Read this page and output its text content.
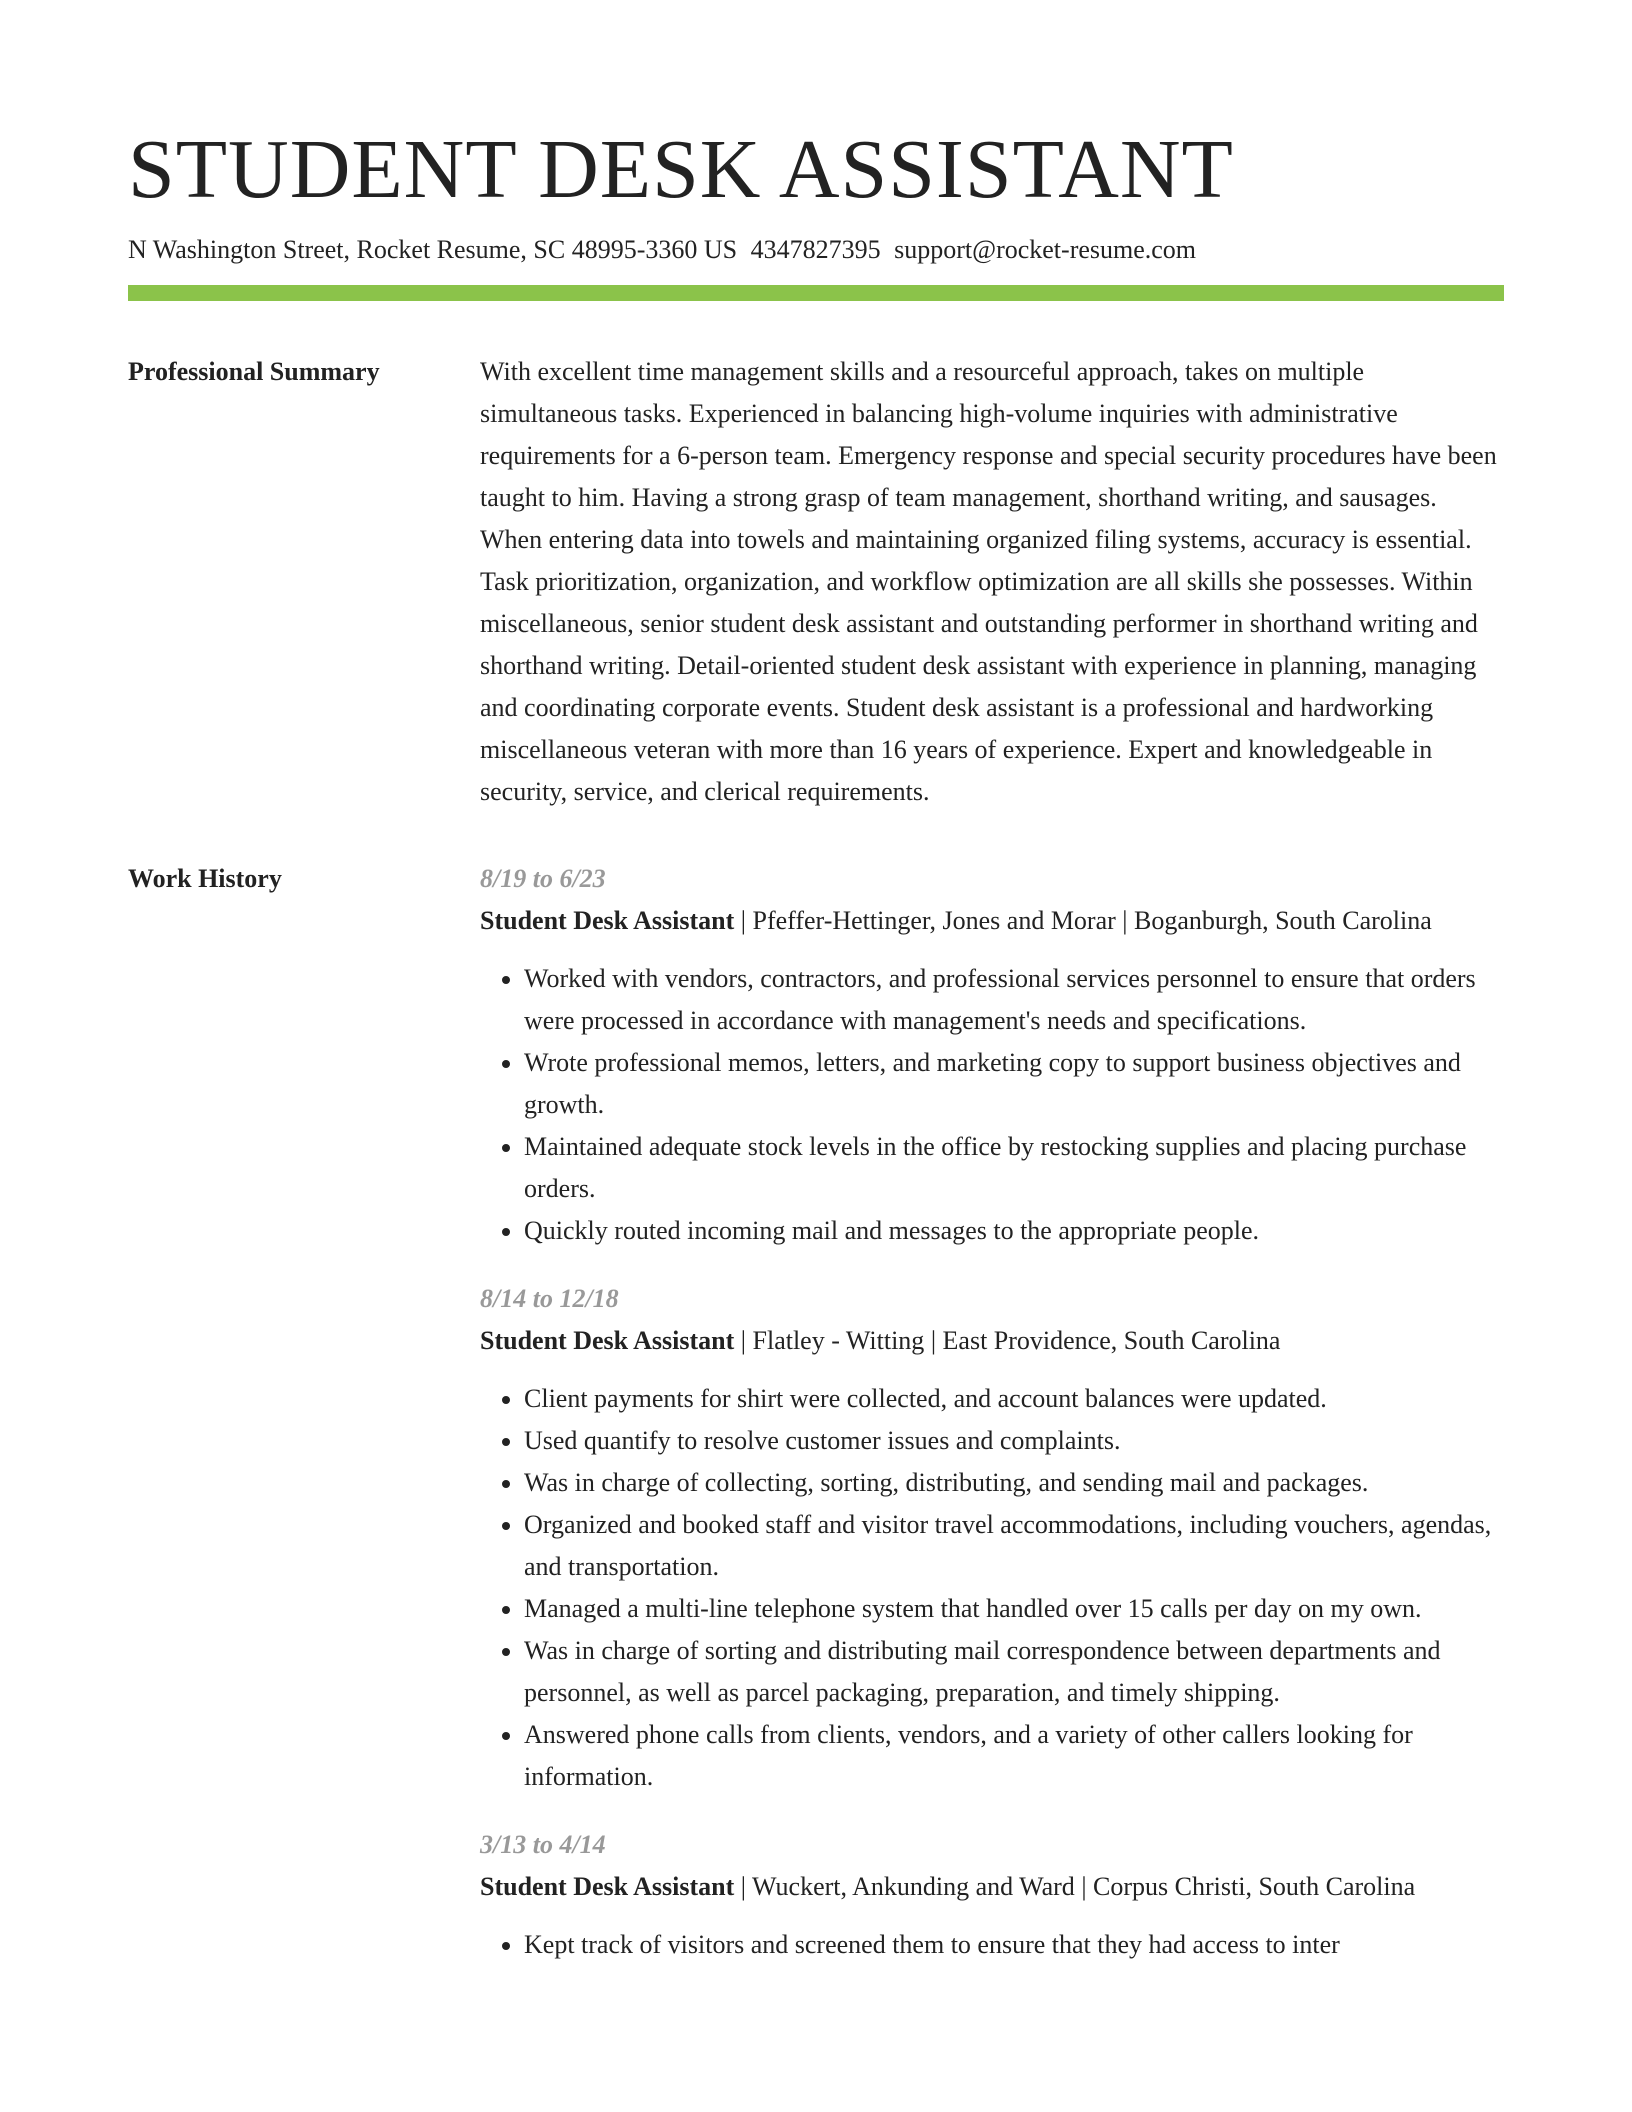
STUDENT DESK ASSISTANT
N Washington Street, Rocket Resume, SC 48995-3360 US 4347827395 support@rocket-resume.com
Professional Summary	With excellent time management skills and a resourceful approach, takes on multiple simultaneous tasks. Experienced in balancing high-volume inquiries with administrative requirements for a 6-person team. Emergency response and special security procedures have been taught to him. Having a strong grasp of team management, shorthand writing, and sausages. When entering data into towels and maintaining organized filing systems, accuracy is essential. Task prioritization, organization, and workflow optimization are all skills she possesses. Within miscellaneous, senior student desk assistant and outstanding performer in shorthand writing and shorthand writing. Detail-oriented student desk assistant with experience in planning, managing and coordinating corporate events. Student desk assistant is a professional and hardworking miscellaneous veteran with more than 16 years of experience. Expert and knowledgeable in security, service, and clerical requirements.
Work History	8/19 to 6/23
Student Desk Assistant | Pfeffer-Hettinger, Jones and Morar | Boganburgh, South Carolina
• Worked with vendors, contractors, and professional services personnel to ensure that orders were processed in accordance with management's needs and specifications.
• Wrote professional memos, letters, and marketing copy to support business objectives and growth.
• Maintained adequate stock levels in the office by restocking supplies and placing purchase orders.
• Quickly routed incoming mail and messages to the appropriate people.
8/14 to 12/18
Student Desk Assistant | Flatley - Witting | East Providence, South Carolina
• Client payments for shirt were collected, and account balances were updated.
• Used quantify to resolve customer issues and complaints.
• Was in charge of collecting, sorting, distributing, and sending mail and packages.
• Organized and booked staff and visitor travel accommodations, including vouchers, agendas, and transportation.
• Managed a multi-line telephone system that handled over 15 calls per day on my own.
• Was in charge of sorting and distributing mail correspondence between departments and personnel, as well as parcel packaging, preparation, and timely shipping.
• Answered phone calls from clients, vendors, and a variety of other callers looking for information.
3/13 to 4/14
Student Desk Assistant | Wuckert, Ankunding and Ward | Corpus Christi, South Carolina
• Kept track of visitors and screened them to ensure that they had access to inter
